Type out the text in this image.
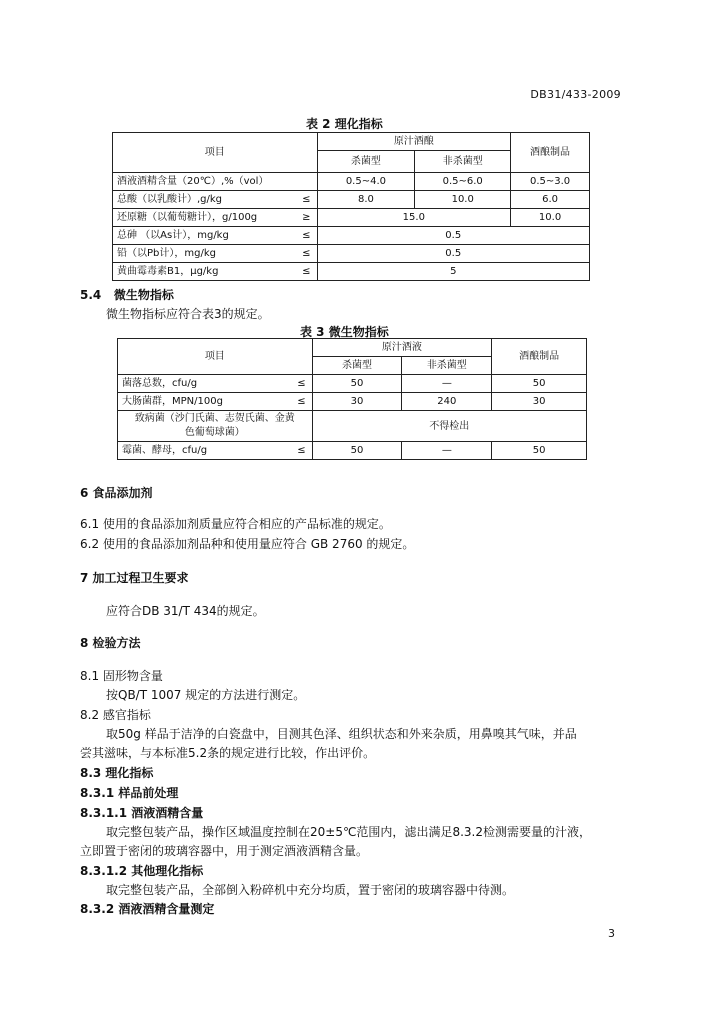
DB31/433-2009
表 2 理化指标
项目	原汁酒酿		酒酿制品
	杀菌型	非杀菌型	
酒液酒精含量（20℃）,%（vol）	0.5~4.0	0.5~6.0	0.5~3.0
总酸（以乳酸计）,g/kg ≤	8.0	10.0	6.0
还原糖（以葡萄糖计），g/100g ≥	15.0		10.0
总砷 （以As计），mg/kg ≤	0.5		
铅（以Pb计），mg/kg ≤	0.5		
黄曲霉毒素B1，μg/kg ≤	5		
5.4 微生物指标
微生物指标应符合表3的规定。
表 3 微生物指标
项目	原汁酒液		酒酿制品
	杀菌型	非杀菌型	
菌落总数，cfu/g ≤	50	—	50
大肠菌群，MPN/100g ≤	30	240	30

致病菌（沙门氏菌、志贺氏菌、金黄
色葡萄球菌）	不得检出		
霉菌、酵母，cfu/g ≤	50	—	50
6 食品添加剂
6.1 使用的食品添加剂质量应符合相应的产品标准的规定。
6.2 使用的食品添加剂品种和使用量应符合 GB 2760 的规定。
7 加工过程卫生要求
应符合DB 31/T 434的规定。
8 检验方法
8.1 固形物含量
按QB/T 1007 规定的方法进行测定。
8.2 感官指标
取50g 样品于洁净的白瓷盘中，目测其色泽、组织状态和外来杂质，用鼻嗅其气味，并品
尝其滋味，与本标准5.2条的规定进行比较，作出评价。
8.3 理化指标
8.3.1 样品前处理
8.3.1.1 酒液酒精含量
取完整包装产品，操作区域温度控制在20±5℃范围内，滤出满足8.3.2检测需要量的汁液，
立即置于密闭的玻璃容器中，用于测定酒液酒精含量。
8.3.1.2 其他理化指标
取完整包装产品，全部倒入粉碎机中充分均质，置于密闭的玻璃容器中待测。
8.3.2 酒液酒精含量测定
3
